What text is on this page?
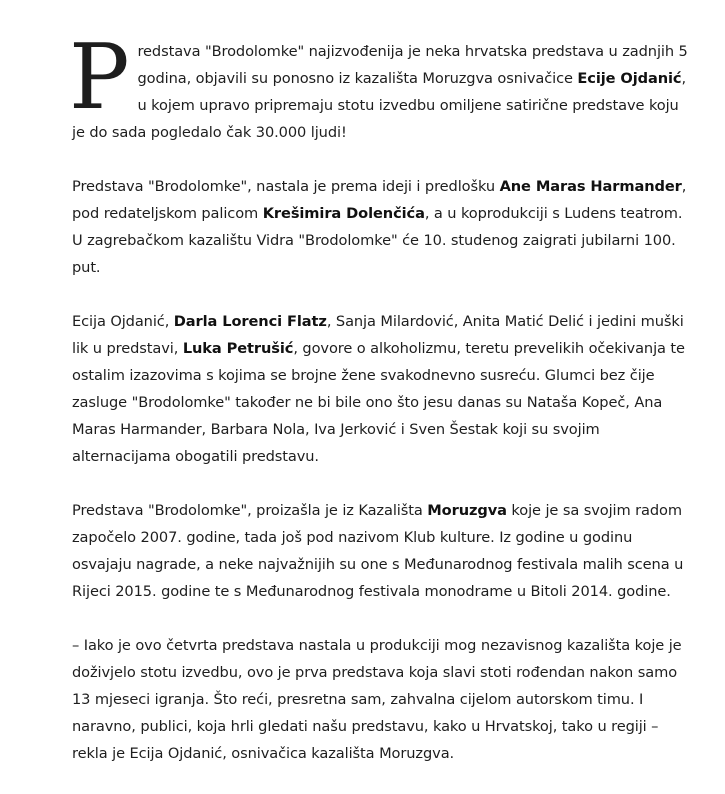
Predstava "Brodolomke" najizvođenija je neka hrvatska predstava u zadnjih 5 godina, objavili su ponosno iz kazališta Moruzgva osnivačice Ecije Ojdanić, u kojem upravo pripremaju stotu izvedbu omiljene satirične predstave koju je do sada pogledalo čak 30.000 ljudi!

Predstava "Brodolomke", nastala je prema ideji i predlošku Ane Maras Harmander, pod redateljskom palicom Krešimira Dolenčića, a u koprodukciji s Ludens teatrom. U zagrebačkom kazalištu Vidra "Brodolomke" će 10. studenog zaigrati jubilarni 100. put.

Ecija Ojdanić, Darla Lorenci Flatz, Sanja Milardović, Anita Matić Delić i jedini muški lik u predstavi, Luka Petrušić, govore o alkoholizmu, teretu prevelikih očekivanja te ostalim izazovima s kojima se brojne žene svakodnevno susreću. Glumci bez čije zasluge "Brodolomke" također ne bi bile ono što jesu danas su Nataša Kopeč, Ana Maras Harmander, Barbara Nola, Iva Jerković i Sven Šestak koji su svojim alternacijama obogatili predstavu.

Predstava "Brodolomke", proizašla je iz Kazališta Moruzgva koje je sa svojim radom započelo 2007. godine, tada još pod nazivom Klub kulture. Iz godine u godinu osvajaju nagrade, a neke najvažnijih su one s Međunarodnog festivala malih scena u Rijeci 2015. godine te s Međunarodnog festivala monodrame u Bitoli 2014. godine.

– Iako je ovo četvrta predstava nastala u produkciji mog nezavisnog kazališta koje je doživjelo stotu izvedbu, ovo je prva predstava koja slavi stoti rođendan nakon samo 13 mjeseci igranja. Što reći, presretna sam, zahvalna cijelom autorskom timu. I naravno, publici, koja hrli gledati našu predstavu, kako u Hrvatskoj, tako u regiji – rekla je Ecija Ojdanić, osnivačica kazališta Moruzgva.
